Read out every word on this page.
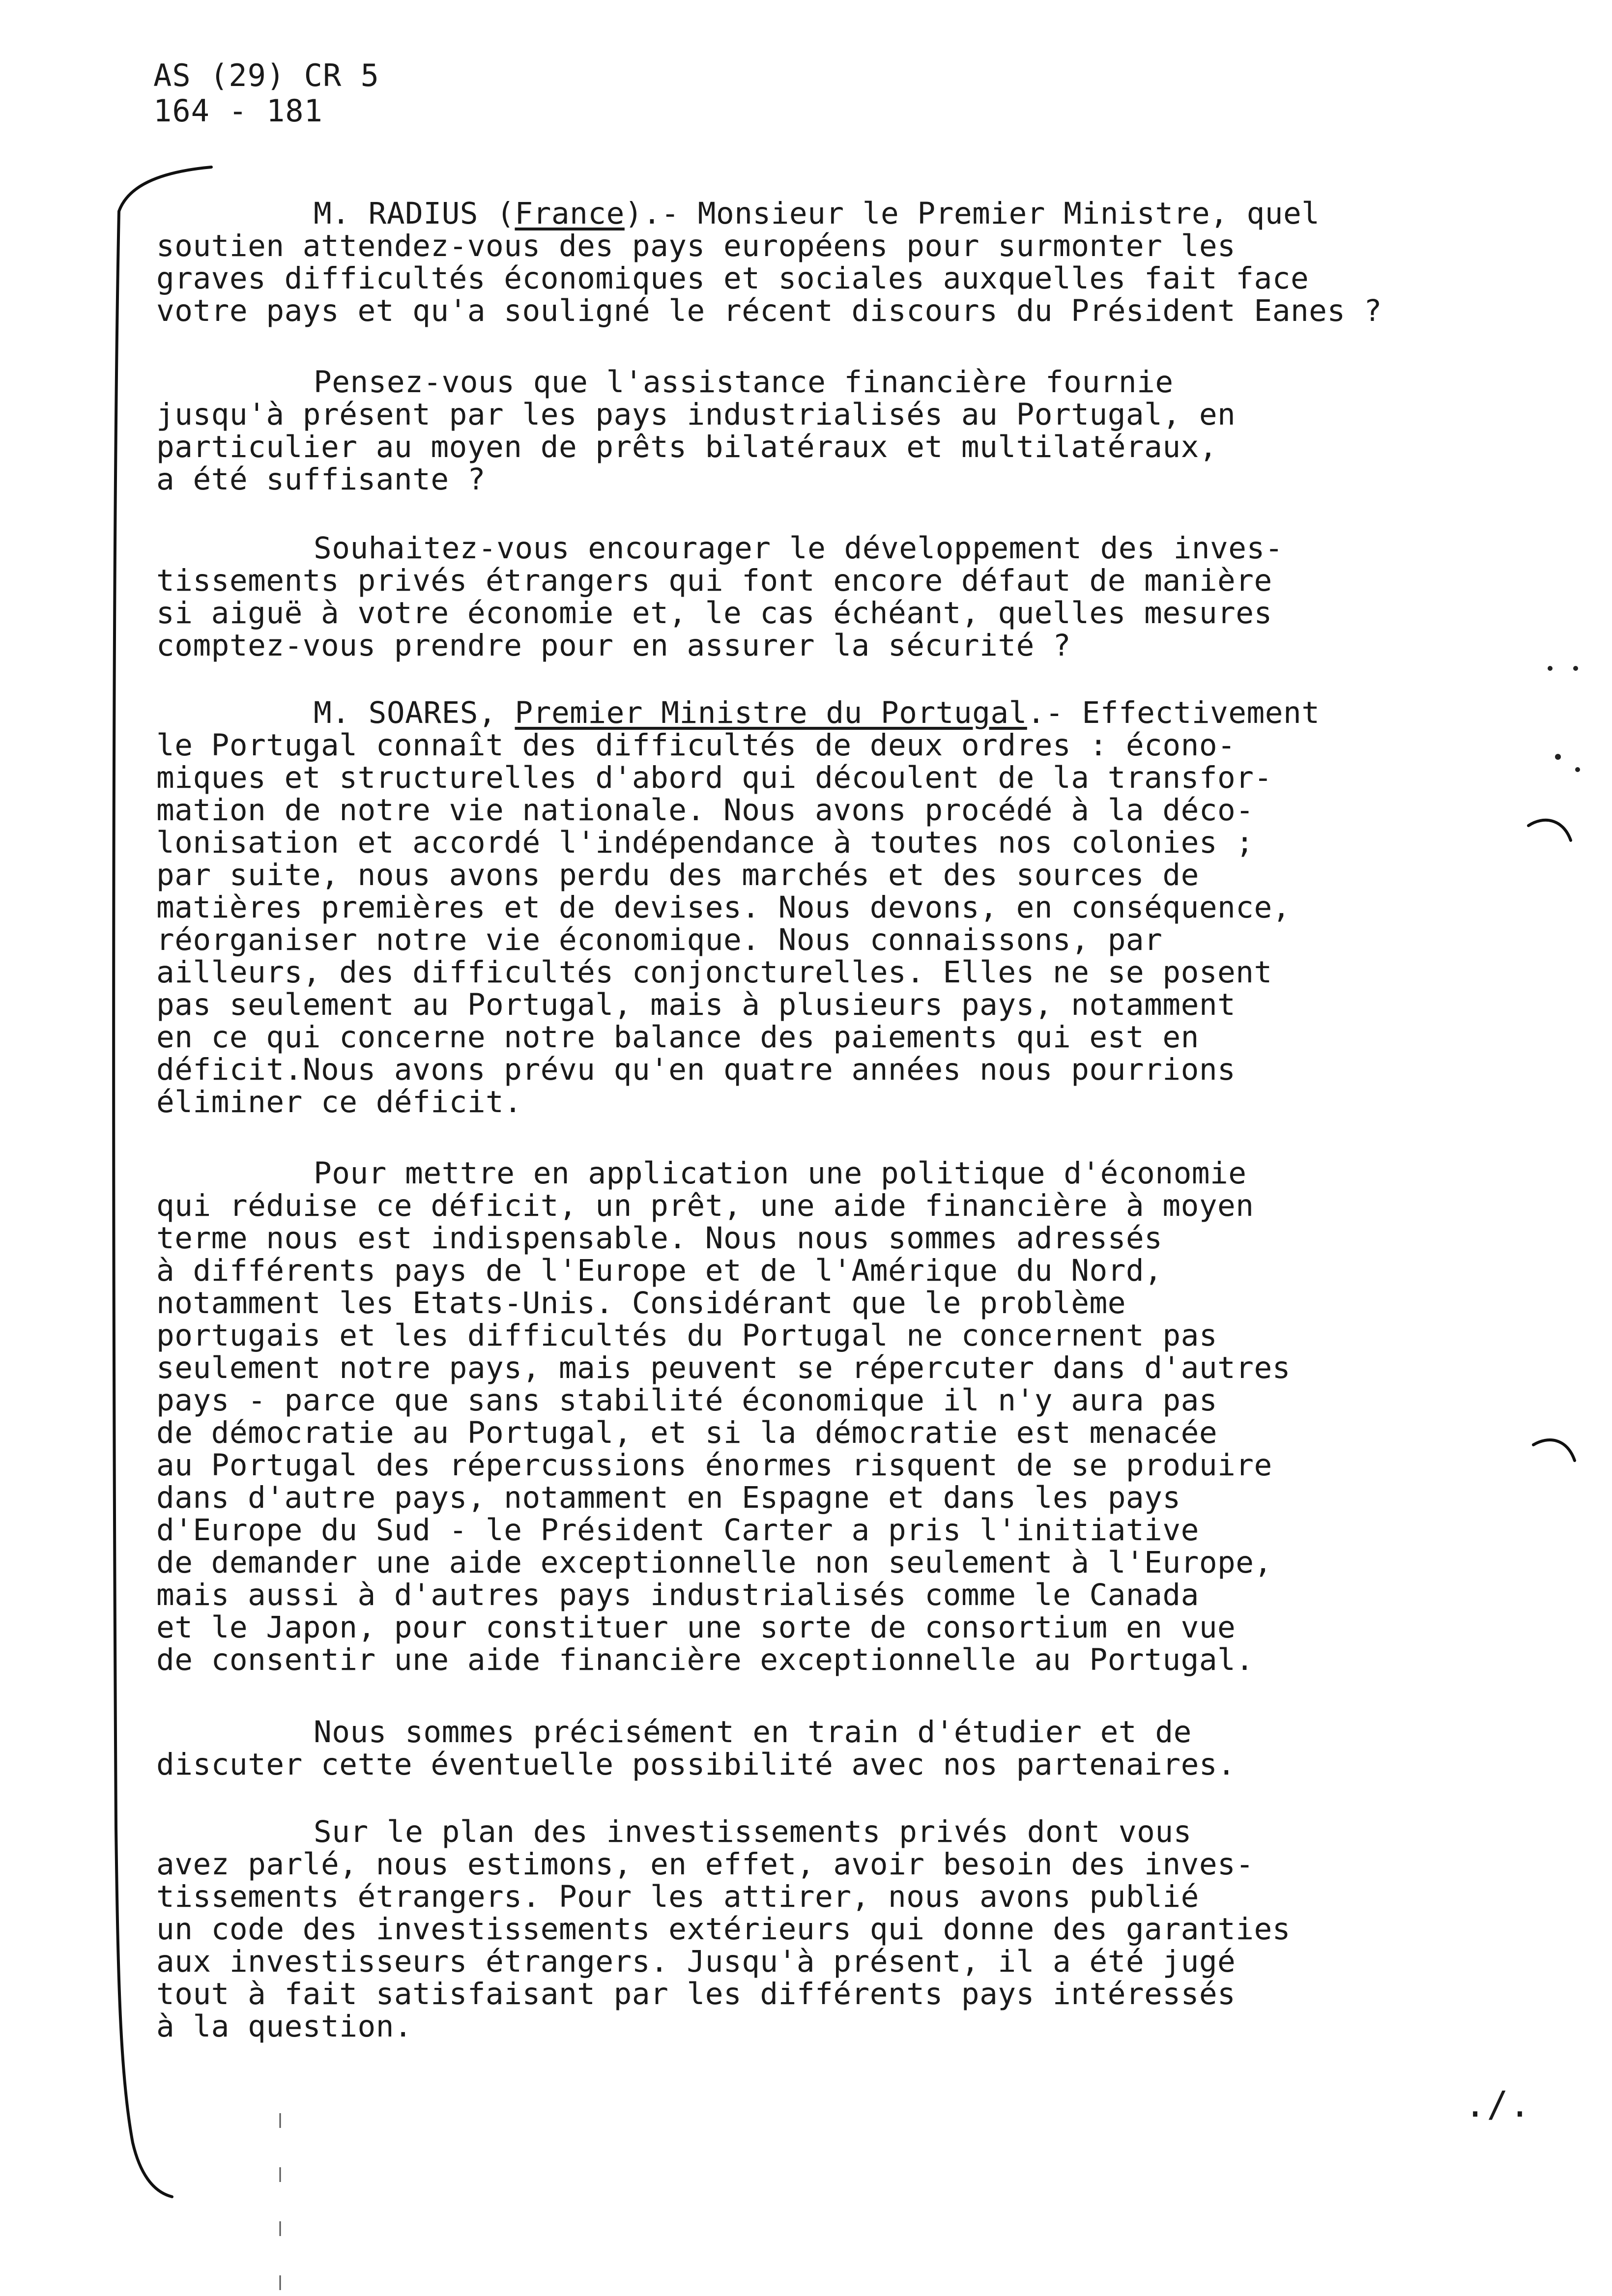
AS (29) CR 5
164 - 181
M. RADIUS (France).- Monsieur le Premier Ministre, quel
soutien attendez-vous des pays européens pour surmonter les
graves difficultés économiques et sociales auxquelles fait face
votre pays et qu'a souligné le récent discours du Président Eanes ?
Pensez-vous que l'assistance financière fournie
jusqu'à présent par les pays industrialisés au Portugal, en
particulier au moyen de prêts bilatéraux et multilatéraux,
a été suffisante ?
Souhaitez-vous encourager le développement des inves-
tissements privés étrangers qui font encore défaut de manière
si aiguë à votre économie et, le cas échéant, quelles mesures
comptez-vous prendre pour en assurer la sécurité ?
M. SOARES, Premier Ministre du Portugal.- Effectivement
le Portugal connaît des difficultés de deux ordres : écono-
miques et structurelles d'abord qui découlent de la transfor-
mation de notre vie nationale. Nous avons procédé à la déco-
lonisation et accordé l'indépendance à toutes nos colonies ;
par suite, nous avons perdu des marchés et des sources de
matières premières et de devises. Nous devons, en conséquence,
réorganiser notre vie économique. Nous connaissons, par
ailleurs, des difficultés conjoncturelles. Elles ne se posent
pas seulement au Portugal, mais à plusieurs pays, notamment
en ce qui concerne notre balance des paiements qui est en
déficit.Nous avons prévu qu'en quatre années nous pourrions
éliminer ce déficit.
Pour mettre en application une politique d'économie
qui réduise ce déficit, un prêt, une aide financière à moyen
terme nous est indispensable. Nous nous sommes adressés
à différents pays de l'Europe et de l'Amérique du Nord,
notamment les Etats-Unis. Considérant que le problème
portugais et les difficultés du Portugal ne concernent pas
seulement notre pays, mais peuvent se répercuter dans d'autres
pays - parce que sans stabilité économique il n'y aura pas
de démocratie au Portugal, et si la démocratie est menacée
au Portugal des répercussions énormes risquent de se produire
dans d'autre pays, notamment en Espagne et dans les pays
d'Europe du Sud - le Président Carter a pris l'initiative
de demander une aide exceptionnelle non seulement à l'Europe,
mais aussi à d'autres pays industrialisés comme le Canada
et le Japon, pour constituer une sorte de consortium en vue
de consentir une aide financière exceptionnelle au Portugal.
Nous sommes précisément en train d'étudier et de
discuter cette éventuelle possibilité avec nos partenaires.
Sur le plan des investissements privés dont vous
avez parlé, nous estimons, en effet, avoir besoin des inves-
tissements étrangers. Pour les attirer, nous avons publié
un code des investissements extérieurs qui donne des garanties
aux investisseurs étrangers. Jusqu'à présent, il a été jugé
tout à fait satisfaisant par les différents pays intéressés
à la question.
./.
